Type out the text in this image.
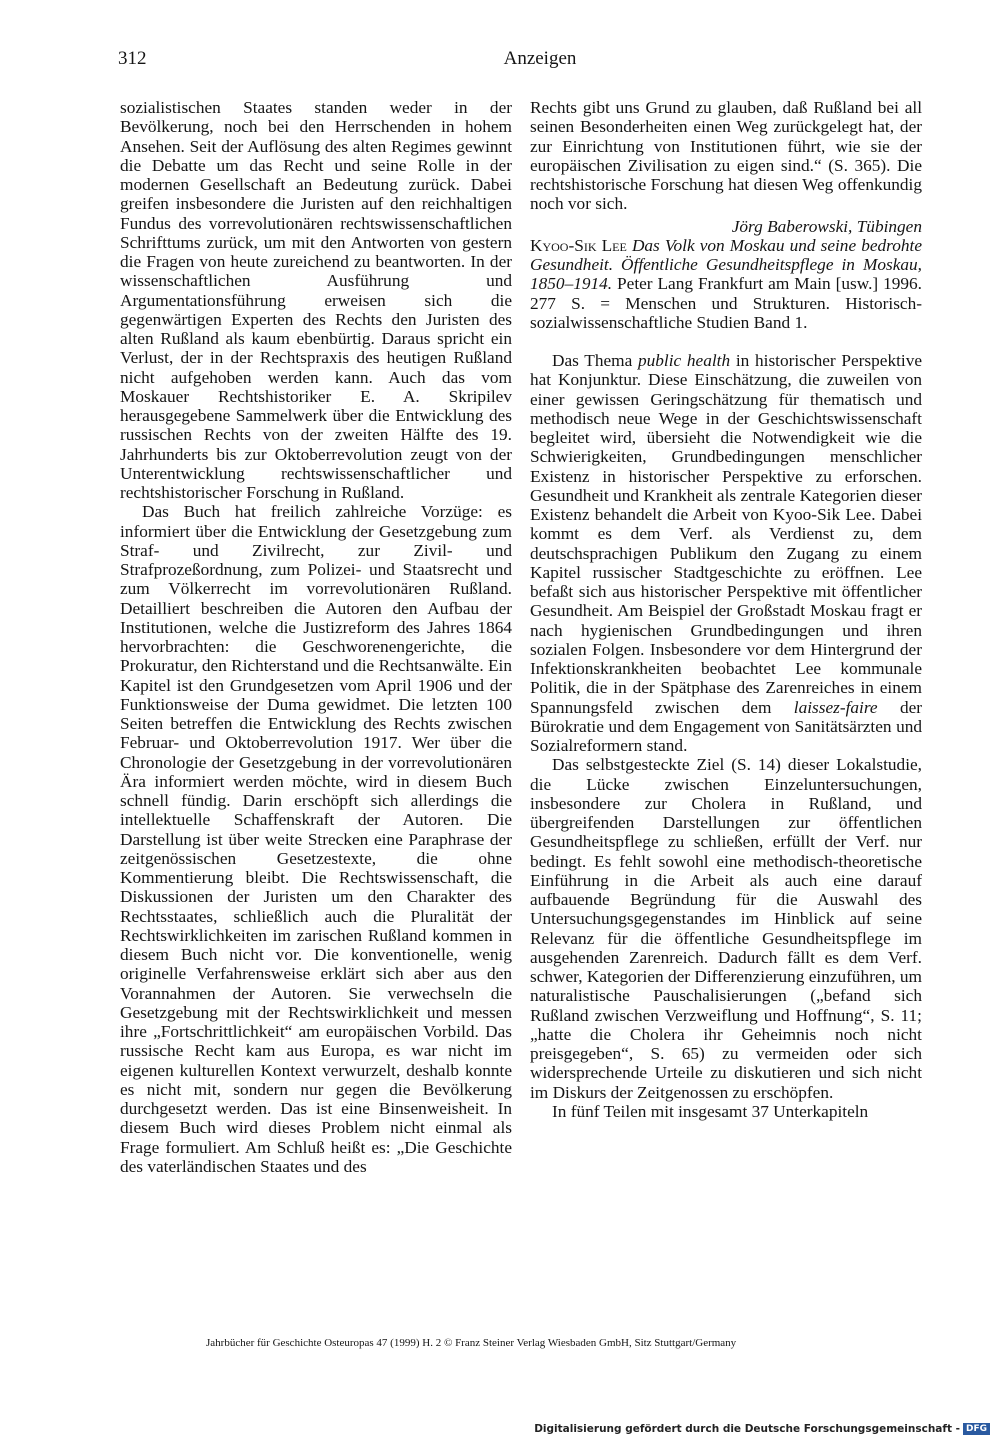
312	Anzeigen

sozialistischen Staates standen weder in der Bevölkerung, noch bei den Herrschenden in hohem Ansehen. Seit der Auflösung des alten Regimes gewinnt die Debatte um das Recht und seine Rolle in der modernen Gesellschaft an Bedeutung zurück. Dabei greifen insbesondere die Juristen auf den reichhaltigen Fundus des vorrevolutionären rechtswissenschaftlichen Schrifttums zurück, um mit den Antworten von gestern die Fragen von heute zureichend zu beantworten. In der wissenschaftlichen Ausführung und Argumentationsführung erweisen sich die gegenwärtigen Experten des Rechts den Juristen des alten Rußland als kaum ebenbürtig. Daraus spricht ein Verlust, der in der Rechtspraxis des heutigen Rußland nicht aufgehoben werden kann. Auch das vom Moskauer Rechtshistoriker E. A. Skripilev herausgegebene Sammelwerk über die Entwicklung des russischen Rechts von der zweiten Hälfte des 19. Jahrhunderts bis zur Oktoberrevolution zeugt von der Unterentwicklung rechtswissenschaftlicher und rechtshistorischer Forschung in Rußland.

Das Buch hat freilich zahlreiche Vorzüge: es informiert über die Entwicklung der Gesetzgebung zum Straf- und Zivilrecht, zur Zivil- und Strafprozeßordnung, zum Polizei- und Staatsrecht und zum Völkerrecht im vorrevolutionären Rußland. Detailliert beschreiben die Autoren den Aufbau der Institutionen, welche die Justizreform des Jahres 1864 hervorbrachten: die Geschworenengerichte, die Prokuratur, den Richterstand und die Rechtsanwälte. Ein Kapitel ist den Grundgesetzen vom April 1906 und der Funktionsweise der Duma gewidmet. Die letzten 100 Seiten betreffen die Entwicklung des Rechts zwischen Februar- und Oktoberrevolution 1917. Wer über die Chronologie der Gesetzgebung in der vorrevolutionären Ära informiert werden möchte, wird in diesem Buch schnell fündig. Darin erschöpft sich allerdings die intellektuelle Schaffenskraft der Autoren. Die Darstellung ist über weite Strecken eine Paraphrase der zeitgenössischen Gesetzestexte, die ohne Kommentierung bleibt. Die Rechtswissenschaft, die Diskussionen der Juristen um den Charakter des Rechtsstaates, schließlich auch die Pluralität der Rechtswirklichkeiten im zarischen Rußland kommen in diesem Buch nicht vor. Die konventionelle, wenig originelle Verfahrensweise erklärt sich aber aus den Vorannahmen der Autoren. Sie verwechseln die Gesetzgebung mit der Rechtswirklichkeit und messen ihre „Fortschrittlichkeit“ am europäischen Vorbild. Das russische Recht kam aus Europa, es war nicht im eigenen kulturellen Kontext verwurzelt, deshalb konnte es nicht mit, sondern nur gegen die Bevölkerung durchgesetzt werden. Das ist eine Binsenweisheit. In diesem Buch wird dieses Problem nicht einmal als Frage formuliert. Am Schluß heißt es: „Die Geschichte des vaterländischen Staates und des

Rechts gibt uns Grund zu glauben, daß Rußland bei all seinen Besonderheiten einen Weg zurückgelegt hat, der zur Einrichtung von Institutionen führt, wie sie der europäischen Zivilisation zu eigen sind.“ (S. 365). Die rechtshistorische Forschung hat diesen Weg offenkundig noch vor sich.

Jörg Baberowski, Tübingen

Kyoo-Sik Lee Das Volk von Moskau und seine bedrohte Gesundheit. Öffentliche Gesundheitspflege in Moskau, 1850–1914. Peter Lang Frankfurt am Main [usw.] 1996. 277 S. = Menschen und Strukturen. Historisch-sozialwissenschaftliche Studien Band 1.

Das Thema public health in historischer Perspektive hat Konjunktur. Diese Einschätzung, die zuweilen von einer gewissen Geringschätzung für thematisch und methodisch neue Wege in der Geschichtswissenschaft begleitet wird, übersieht die Notwendigkeit wie die Schwierigkeiten, Grundbedingungen menschlicher Existenz in historischer Perspektive zu erforschen. Gesundheit und Krankheit als zentrale Kategorien dieser Existenz behandelt die Arbeit von Kyoo-Sik Lee. Dabei kommt es dem Verf. als Verdienst zu, dem deutschsprachigen Publikum den Zugang zu einem Kapitel russischer Stadtgeschichte zu eröffnen. Lee befaßt sich aus historischer Perspektive mit öffentlicher Gesundheit. Am Beispiel der Großstadt Moskau fragt er nach hygienischen Grundbedingungen und ihren sozialen Folgen. Insbesondere vor dem Hintergrund der Infektionskrankheiten beobachtet Lee kommunale Politik, die in der Spätphase des Zarenreiches in einem Spannungsfeld zwischen dem laissez-faire der Bürokratie und dem Engagement von Sanitätsärzten und Sozialreformern stand.

Das selbstgesteckte Ziel (S. 14) dieser Lokalstudie, die Lücke zwischen Einzeluntersuchungen, insbesondere zur Cholera in Rußland, und übergreifenden Darstellungen zur öffentlichen Gesundheitspflege zu schließen, erfüllt der Verf. nur bedingt. Es fehlt sowohl eine methodisch-theoretische Einführung in die Arbeit als auch eine darauf aufbauende Begründung für die Auswahl des Untersuchungsgegenstandes im Hinblick auf seine Relevanz für die öffentliche Gesundheitspflege im ausgehenden Zarenreich. Dadurch fällt es dem Verf. schwer, Kategorien der Differenzierung einzuführen, um naturalistische Pauschalisierungen („befand sich Rußland zwischen Verzweiflung und Hoffnung“, S. 11; „hatte die Cholera ihr Geheimnis noch nicht preisgegeben“, S. 65) zu vermeiden oder sich widersprechende Urteile zu diskutieren und sich nicht im Diskurs der Zeitgenossen zu erschöpfen.

In fünf Teilen mit insgesamt 37 Unterkapiteln

Jahrbücher für Geschichte Osteuropas 47 (1999) H. 2 © Franz Steiner Verlag Wiesbaden GmbH, Sitz Stuttgart/Germany
Digitalisierung gefördert durch die Deutsche Forschungsgemeinschaft - DFG
